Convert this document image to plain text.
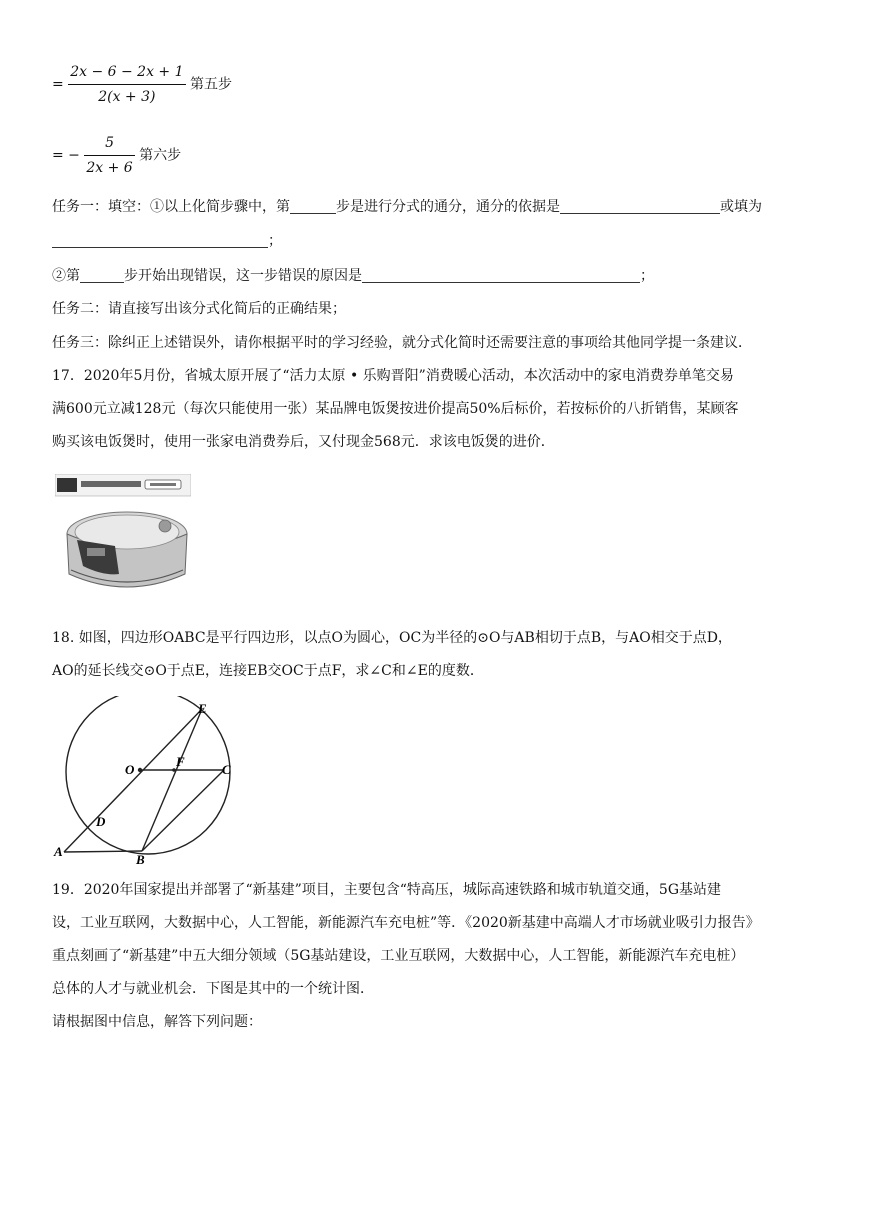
= $\frac{2x - 6 - 2x + 1}{2(x + 3)}$ 第五步
= − $\frac{5}{2x + 6}$ 第六步
任务一：填空：①以上化简步骤中，第	步是进行分式的通分，通分的依据是	或填为
；
②第	步开始出现错误，这一步错误的原因是	；
任务二：请直接写出该分式化简后的正确结果；
任务三：除纠正上述错误外，请你根据平时的学习经验，就分式化简时还需要注意的事项给其他同学提一条建议．
17．2020年5月份，省城太原开展了“活力太原 • 乐购晋阳”消费暖心活动，本次活动中的家电消费券单笔交易
满600元立减128元（每次只能使用一张）某品牌电饭煲按进价提高50%后标价，若按标价的八折销售，某顾客
购买该电饭煲时，使用一张家电消费券后，又付现金568元．求该电饭煲的进价．
18. 如图，四边形OABC是平行四边形，以点O为圆心，OC为半径的⊙O与AB相切于点B，与AO相交于点D，
AO的延长线交⊙O于点E，连接EB交OC于点F，求∠C和∠E的度数．
E
O
F
C
D
A
B
19．2020年国家提出并部署了“新基建”项目，主要包含“特高压，城际高速铁路和城市轨道交通，5G基站建
设，工业互联网，大数据中心，人工智能，新能源汽车充电桩”等．《2020新基建中高端人才市场就业吸引力报告》
重点刻画了“新基建”中五大细分领域（5G基站建设，工业互联网，大数据中心，人工智能，新能源汽车充电桩）
总体的人才与就业机会．下图是其中的一个统计图．
请根据图中信息，解答下列问题：
